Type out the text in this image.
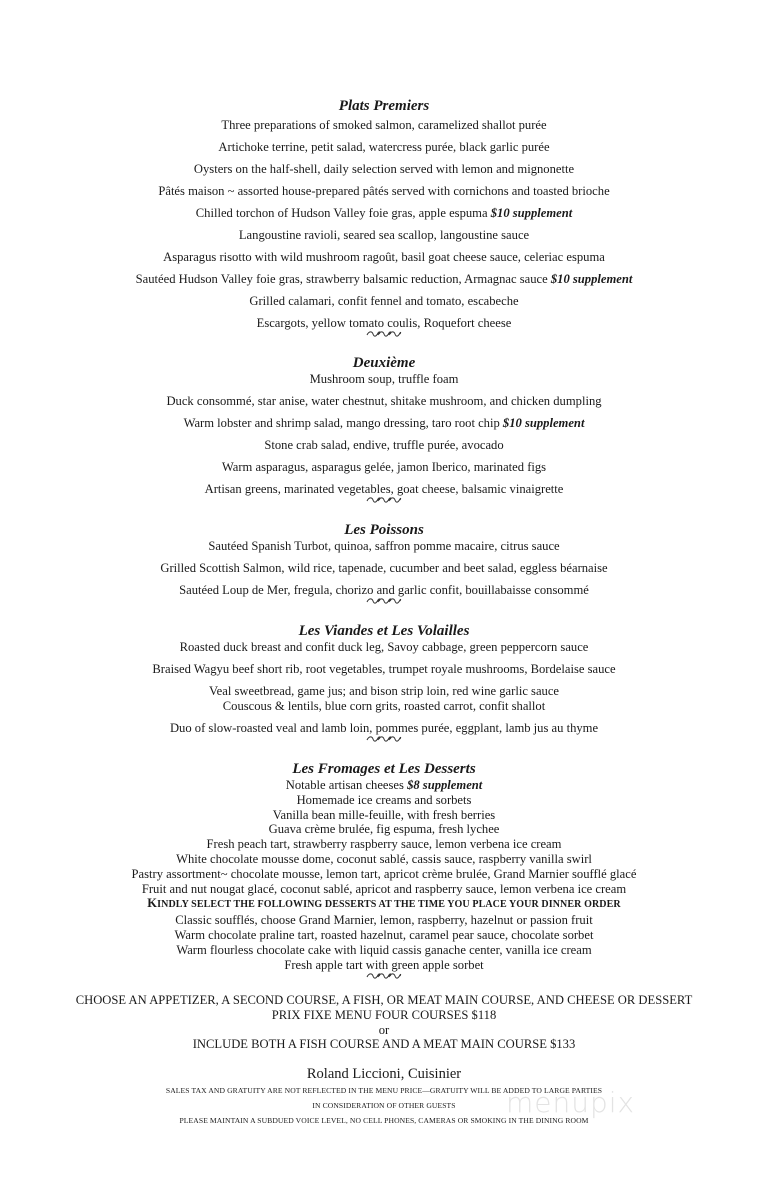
Plats Premiers
Three preparations of smoked salmon, caramelized shallot purée
Artichoke terrine, petit salad, watercress purée, black garlic purée
Oysters on the half-shell, daily selection served with lemon and mignonette
Pâtés maison ~ assorted house-prepared pâtés served with cornichons and toasted brioche
Chilled torchon of Hudson Valley foie gras, apple espuma $10 supplement
Langoustine ravioli, seared sea scallop, langoustine sauce
Asparagus risotto with wild mushroom ragoût, basil goat cheese sauce, celeriac espuma
Sautéed Hudson Valley foie gras, strawberry balsamic reduction, Armagnac sauce $10 supplement
Grilled calamari, confit fennel and tomato, escabeche
Escargots, yellow tomato coulis, Roquefort cheese
Deuxième
Mushroom soup, truffle foam
Duck consommé, star anise, water chestnut, shitake mushroom, and chicken dumpling
Warm lobster and shrimp salad, mango dressing, taro root chip $10 supplement
Stone crab salad, endive, truffle purée, avocado
Warm asparagus, asparagus gelée, jamon Iberico, marinated figs
Artisan greens, marinated vegetables, goat cheese, balsamic vinaigrette
Les Poissons
Sautéed Spanish Turbot, quinoa, saffron pomme macaire, citrus sauce
Grilled Scottish Salmon, wild rice, tapenade, cucumber and beet salad, eggless béarnaise
Sautéed Loup de Mer, fregula, chorizo and garlic confit, bouillabaisse consommé
Les Viandes et Les Volailles
Roasted duck breast and confit duck leg, Savoy cabbage, green peppercorn sauce
Braised Wagyu beef short rib, root vegetables, trumpet royale mushrooms, Bordelaise sauce
Veal sweetbread, game jus; and bison strip loin, red wine garlic sauce
Couscous & lentils, blue corn grits, roasted carrot, confit shallot
Duo of slow-roasted veal and lamb loin, pommes purée, eggplant, lamb jus au thyme
Les Fromages et Les Desserts
Notable artisan cheeses $8 supplement
Homemade ice creams and sorbets
Vanilla bean mille-feuille, with fresh berries
Guava crème brulée, fig espuma, fresh lychee
Fresh peach tart, strawberry raspberry sauce, lemon verbena ice cream
White chocolate mousse dome, coconut sablé, cassis sauce, raspberry vanilla swirl
Pastry assortment~ chocolate mousse, lemon tart, apricot crème brulée, Grand Marnier soufflé glacé
Fruit and nut nougat glacé, coconut sablé, apricot and raspberry sauce, lemon verbena ice cream
KINDLY SELECT THE FOLLOWING DESSERTS AT THE TIME YOU PLACE YOUR DINNER ORDER
Classic soufflés, choose Grand Marnier, lemon, raspberry, hazelnut or passion fruit
Warm chocolate praline tart, roasted hazelnut, caramel pear sauce, chocolate sorbet
Warm flourless chocolate cake with liquid cassis ganache center, vanilla ice cream
Fresh apple tart with green apple sorbet
CHOOSE AN APPETIZER, A SECOND COURSE, A FISH, OR MEAT MAIN COURSE, AND CHEESE OR DESSERT
PRIX FIXE MENU FOUR COURSES $118
or
INCLUDE BOTH A FISH COURSE AND A MEAT MAIN COURSE $133
Roland Liccioni, Cuisinier
SALES TAX AND GRATUITY ARE NOT REFLECTED IN THE MENU PRICE—GRATUITY WILL BE ADDED TO LARGE PARTIES
IN CONSIDERATION OF OTHER GUESTS
PLEASE MAINTAIN A SUBDUED VOICE LEVEL, NO CELL PHONES, CAMERAS OR SMOKING IN THE DINING ROOM
menupix
